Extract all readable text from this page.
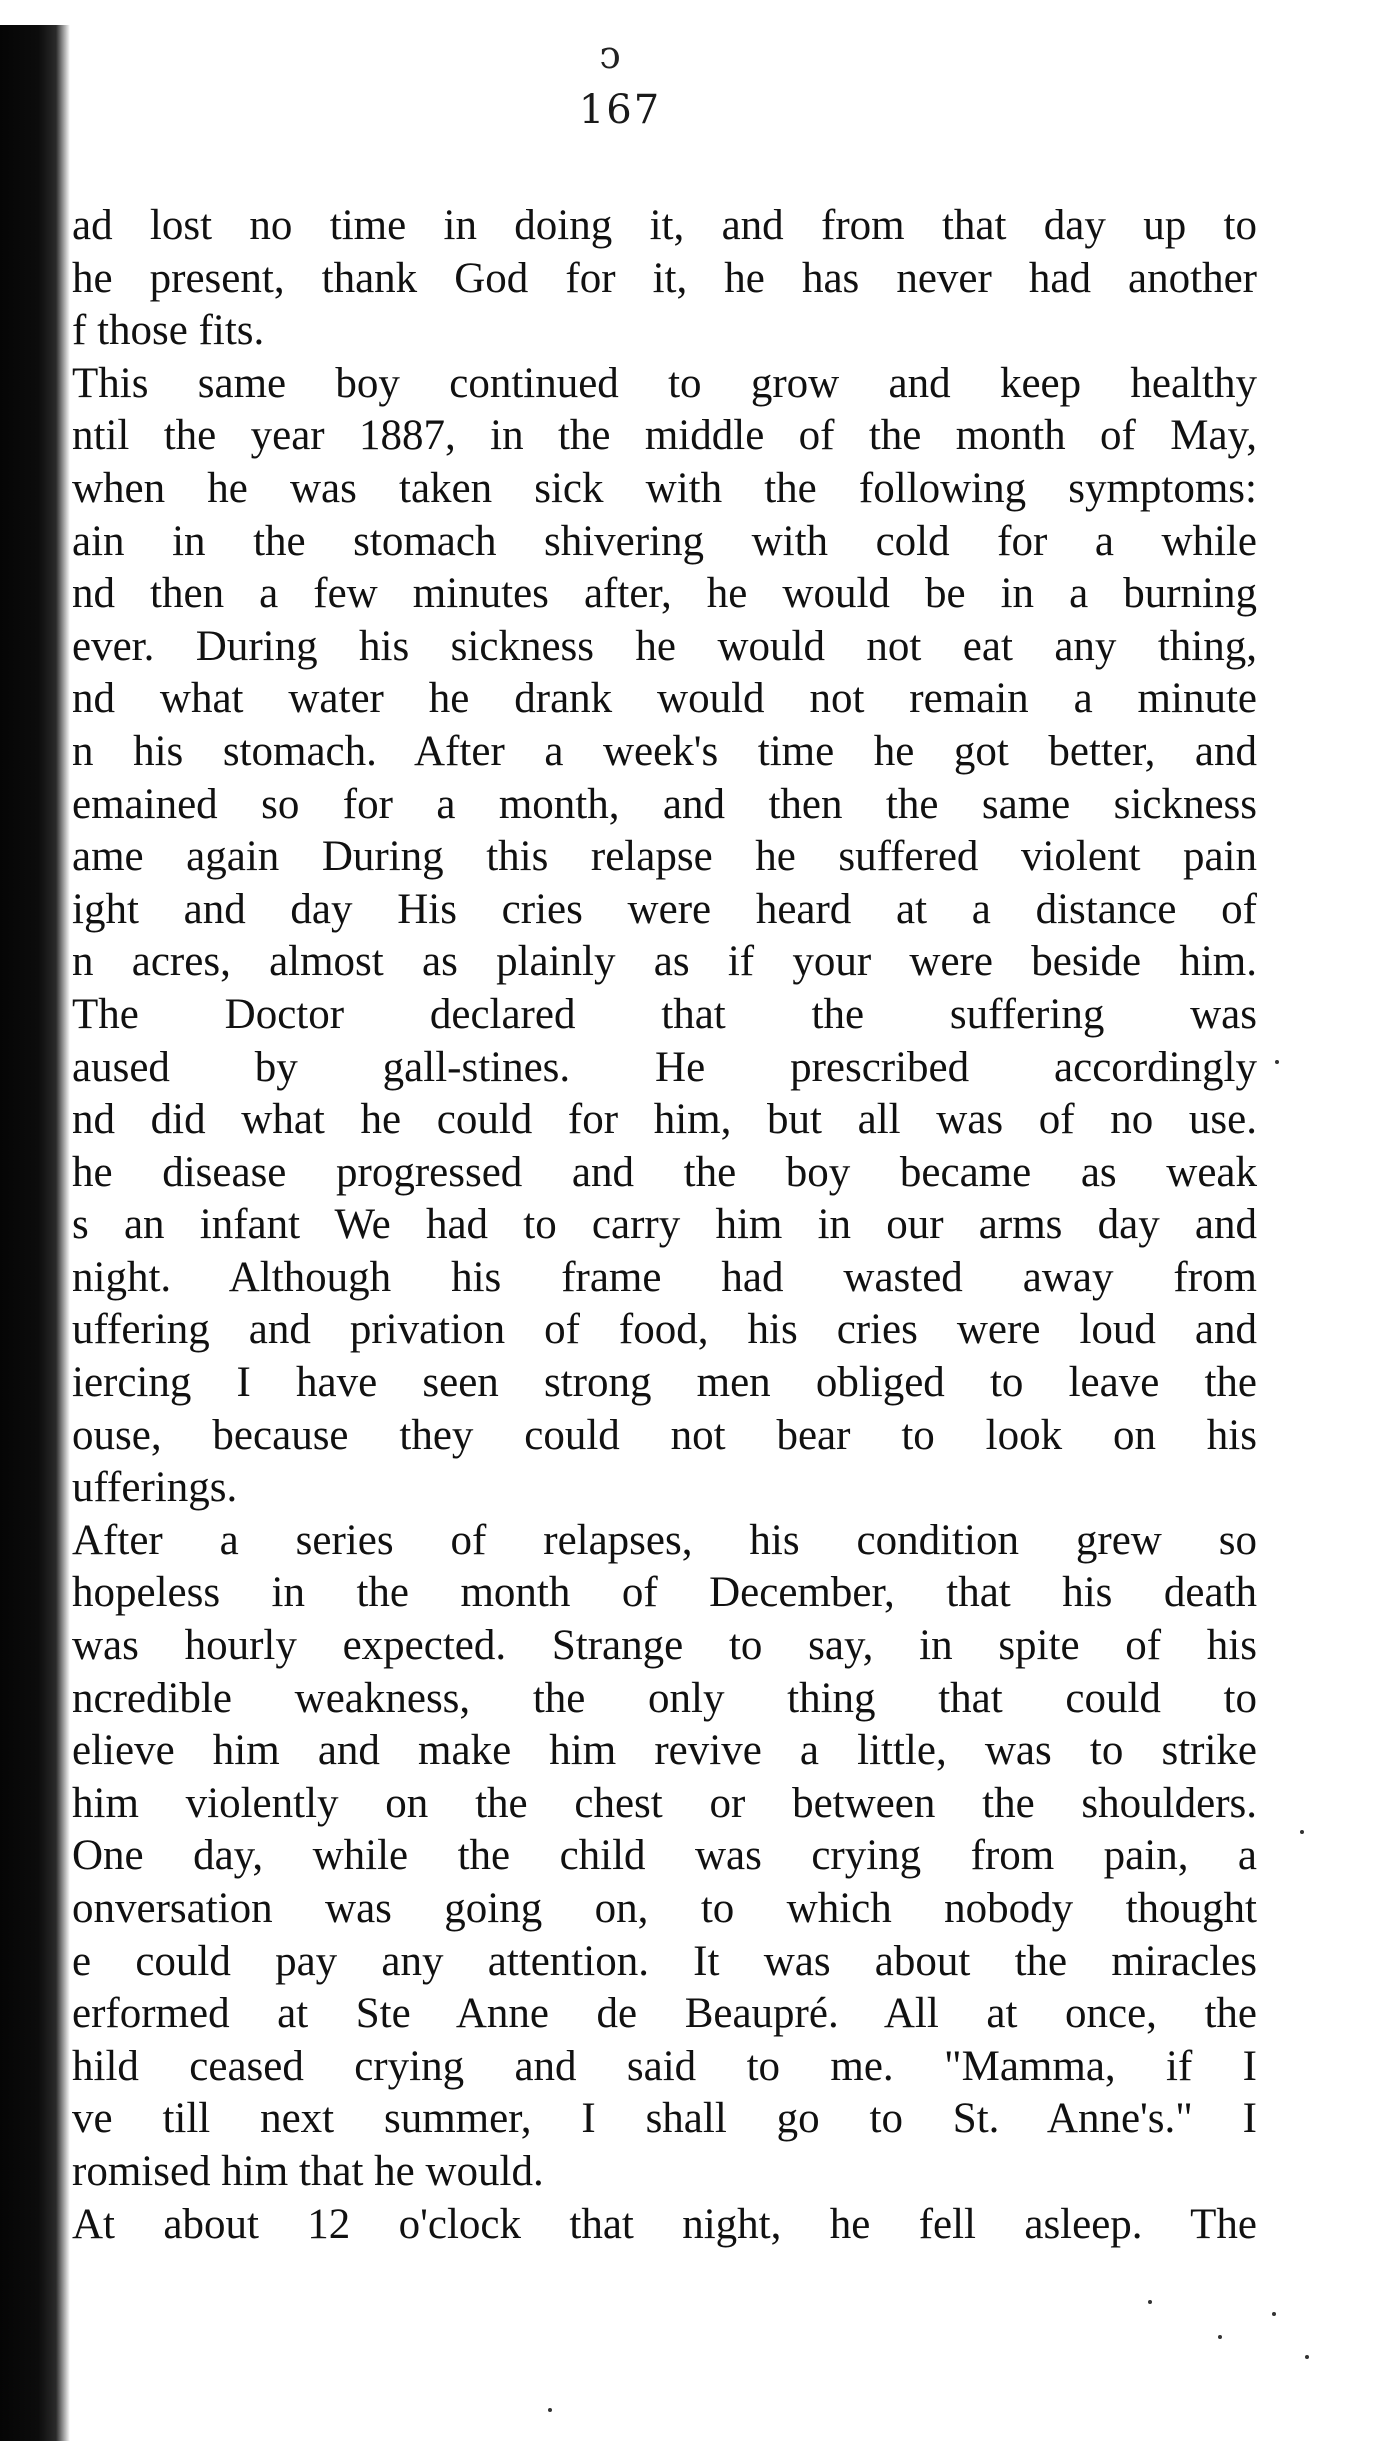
ↄ
167
ad lost no time in doing it, and from that day up to
he present, thank God for it, he has never had another
f those fits.
This same boy continued to grow and keep healthy
ntil the year 1887, in the middle of the month of May,
when he was taken sick with the following symptoms:
ain in the stomach shivering with cold for a while
nd then a few minutes after, he would be in a burning
ever. During his sickness he would not eat any thing,
nd what water he drank would not remain a minute
n his stomach. After a week's time he got better, and
emained so for a month, and then the same sickness
ame again During this relapse he suffered violent pain
ight and day His cries were heard at a distance of
n acres, almost as plainly as if your were beside him.
The Doctor declared that the suffering was
aused by gall-stines. He prescribed accordingly
nd did what he could for him, but all was of no use.
he disease progressed and the boy became as weak
s an infant We had to carry him in our arms day and
night. Although his frame had wasted away from
uffering and privation of food, his cries were loud and
iercing I have seen strong men obliged to leave the
ouse, because they could not bear to look on his
ufferings.
After a series of relapses, his condition grew so
hopeless in the month of December, that his death
was hourly expected. Strange to say, in spite of his
ncredible weakness, the only thing that could to
elieve him and make him revive a little, was to strike
him violently on the chest or between the shoulders.
One day, while the child was crying from pain, a
onversation was going on, to which nobody thought
e could pay any attention. It was about the miracles
erformed at Ste Anne de Beaupré. All at once, the
hild ceased crying and said to me. "Mamma, if I
ve till next summer, I shall go to St. Anne's." I
romised him that he would.
At about 12 o'clock that night, he fell asleep. The
